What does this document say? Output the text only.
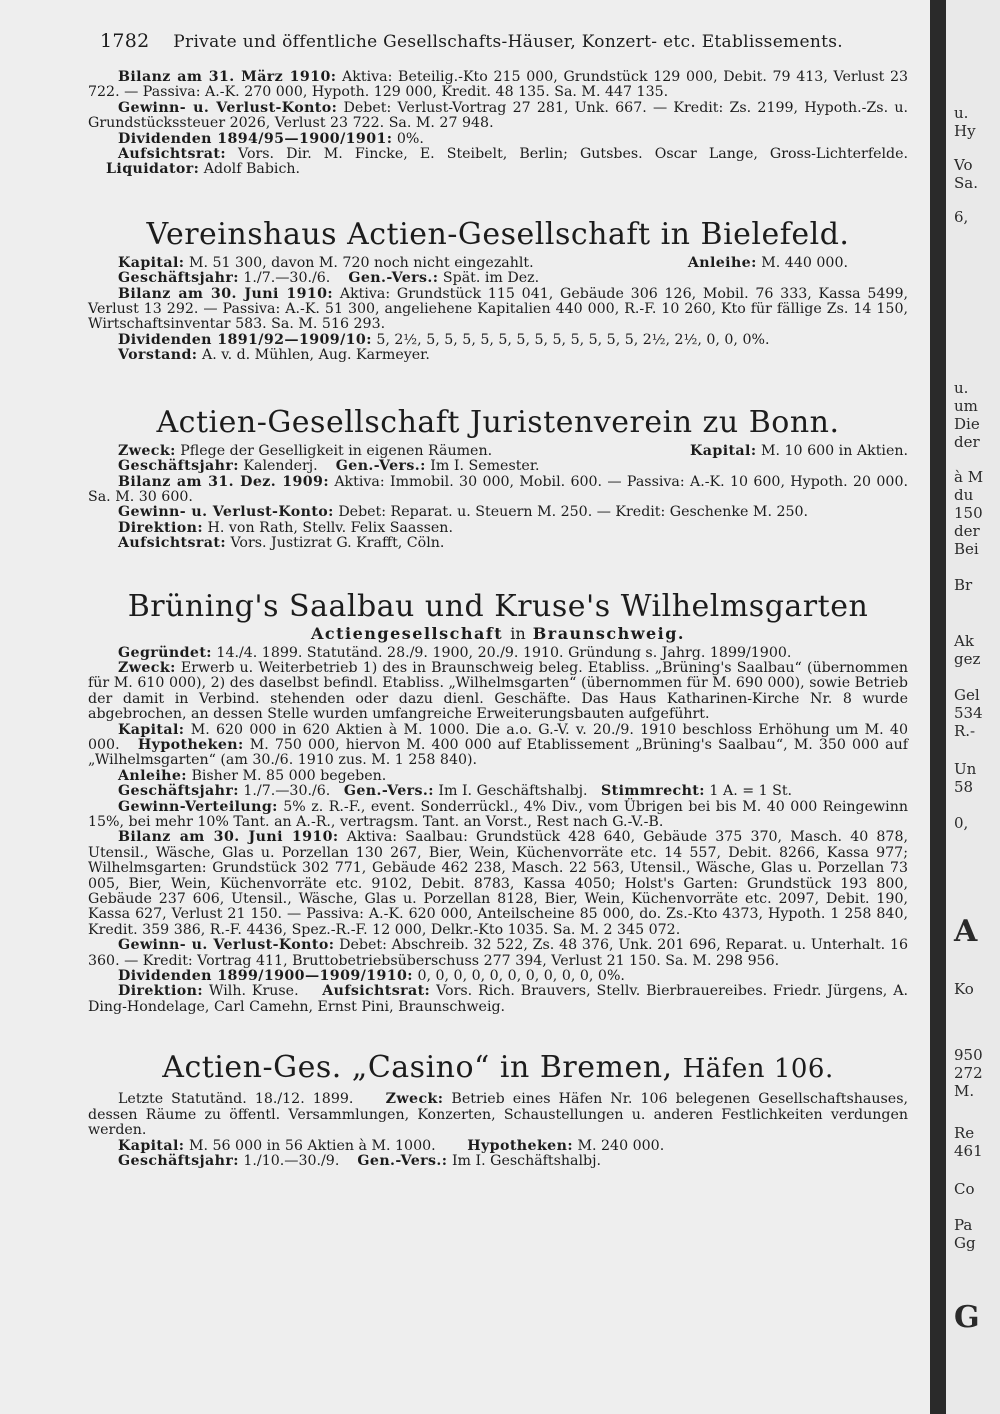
1782 Private und öffentliche Gesellschafts-Häuser, Konzert- etc. Etablissements.

Bilanz am 31. März 1910: Aktiva: Beteilig.-Kto 215 000, Grundstück 129 000, Debit. 79 413, Verlust 23 722. — Passiva: A.-K. 270 000, Hypoth. 129 000, Kredit. 48 135. Sa. M. 447 135.

Gewinn- u. Verlust-Konto: Debet: Verlust-Vortrag 27 281, Unk. 667. — Kredit: Zs. 2199, Hypoth.-Zs. u. Grundstückssteuer 2026, Verlust 23 722. Sa. M. 27 948.

Dividenden 1894/95—1900/1901: 0%.

Aufsichtsrat: Vors. Dir. M. Fincke, E. Steibelt, Berlin; Gutsbes. Oscar Lange, Gross-Lichterfelde.     Liquidator: Adolf Babich.

Vereinshaus Actien-Gesellschaft in Bielefeld.
Kapital: M. 51 300, davon M. 720 noch nicht eingezahlt.	Anleihe: M. 440 000.

Geschäftsjahr: 1./7.—30./6. Gen.-Vers.: Spät. im Dez.

Bilanz am 30. Juni 1910: Aktiva: Grundstück 115 041, Gebäude 306 126, Mobil. 76 333, Kassa 5499, Verlust 13 292. — Passiva: A.-K. 51 300, angeliehene Kapitalien 440 000, R.-F. 10 260, Kto für fällige Zs. 14 150, Wirtschaftsinventar 583. Sa. M. 516 293.

Dividenden 1891/92—1909/10: 5, 2½, 5, 5, 5, 5, 5, 5, 5, 5, 5, 5, 5, 5, 2½, 2½, 0, 0, 0%.

Vorstand: A. v. d. Mühlen, Aug. Karmeyer.

Actien-Gesellschaft Juristenverein zu Bonn.
Zweck: Pflege der Geselligkeit in eigenen Räumen.	Kapital: M. 10 600 in Aktien.

Geschäftsjahr: Kalenderj. Gen.-Vers.: Im I. Semester.

Bilanz am 31. Dez. 1909: Aktiva: Immobil. 30 000, Mobil. 600. — Passiva: A.-K. 10 600, Hypoth. 20 000. Sa. M. 30 600.

Gewinn- u. Verlust-Konto: Debet: Reparat. u. Steuern M. 250. — Kredit: Geschenke M. 250.

Direktion: H. von Rath, Stellv. Felix Saassen.

Aufsichtsrat: Vors. Justizrat G. Krafft, Cöln.

Brüning's Saalbau und Kruse's Wilhelmsgarten
Actiengesellschaft in Braunschweig.

Gegründet: 14./4. 1899. Statutänd. 28./9. 1900, 20./9. 1910. Gründung s. Jahrg. 1899/1900.

Zweck: Erwerb u. Weiterbetrieb 1) des in Braunschweig beleg. Etabliss. „Brüning's Saalbau“ (übernommen für M. 610 000), 2) des daselbst befindl. Etabliss. „Wilhelmsgarten“ (übernommen für M. 690 000), sowie Betrieb der damit in Verbind. stehenden oder dazu dienl. Geschäfte. Das Haus Katharinen-Kirche Nr. 8 wurde abgebrochen, an dessen Stelle wurden umfangreiche Erweiterungsbauten aufgeführt.

Kapital: M. 620 000 in 620 Aktien à M. 1000. Die a.o. G.-V. v. 20./9. 1910 beschloss Erhöhung um M. 40 000. Hypotheken: M. 750 000, hiervon M. 400 000 auf Etablissement „Brüning's Saalbau“, M. 350 000 auf „Wilhelmsgarten“ (am 30./6. 1910 zus. M. 1 258 840).

Anleihe: Bisher M. 85 000 begeben.

Geschäftsjahr: 1./7.—30./6. Gen.-Vers.: Im I. Geschäftshalbj. Stimmrecht: 1 A. = 1 St.

Gewinn-Verteilung: 5% z. R.-F., event. Sonderrückl., 4% Div., vom Übrigen bei bis M. 40 000 Reingewinn 15%, bei mehr 10% Tant. an A.-R., vertragsm. Tant. an Vorst., Rest nach G.-V.-B.

Bilanz am 30. Juni 1910: Aktiva: Saalbau: Grundstück 428 640, Gebäude 375 370, Masch. 40 878, Utensil., Wäsche, Glas u. Porzellan 130 267, Bier, Wein, Küchenvorräte etc. 14 557, Debit. 8266, Kassa 977; Wilhelmsgarten: Grundstück 302 771, Gebäude 462 238, Masch. 22 563, Utensil., Wäsche, Glas u. Porzellan 73 005, Bier, Wein, Küchenvorräte etc. 9102, Debit. 8783, Kassa 4050; Holst's Garten: Grundstück 193 800, Gebäude 237 606, Utensil., Wäsche, Glas u. Porzellan 8128, Bier, Wein, Küchenvorräte etc. 2097, Debit. 190, Kassa 627, Verlust 21 150. — Passiva: A.-K. 620 000, Anteilscheine 85 000, do. Zs.-Kto 4373, Hypoth. 1 258 840, Kredit. 359 386, R.-F. 4436, Spez.-R.-F. 12 000, Delkr.-Kto 1035. Sa. M. 2 345 072.

Gewinn- u. Verlust-Konto: Debet: Abschreib. 32 522, Zs. 48 376, Unk. 201 696, Reparat. u. Unterhalt. 16 360. — Kredit: Vortrag 411, Bruttobetriebsüberschuss 277 394, Verlust 21 150. Sa. M. 298 956.

Dividenden 1899/1900—1909/1910: 0, 0, 0, 0, 0, 0, 0, 0, 0, 0, 0%.

Direktion: Wilh. Kruse. Aufsichtsrat: Vors. Rich. Brauvers, Stellv. Bierbrauereibes. Friedr. Jürgens, A. Ding-Hondelage, Carl Camehn, Ernst Pini, Braunschweig.

Actien-Ges. „Casino“ in Bremen, Häfen 106.

Letzte Statutänd. 18./12. 1899. Zweck: Betrieb eines Häfen Nr. 106 belegenen Gesellschaftshauses, dessen Räume zu öffentl. Versammlungen, Konzerten, Schaustellungen u. anderen Festlichkeiten verdungen werden.

Kapital: M. 56 000 in 56 Aktien à M. 1000. Hypotheken: M. 240 000.

Geschäftsjahr: 1./10.—30./9. Gen.-Vers.: Im I. Geschäftshalbj.

u.
Hy
Vo
Sa.
6,
u.
um
Die
der
à M
du
150
der
Bei
Br
Ak
gez
Gel
534
R.-
Un
58
0,
A
Ko
950
272
M.
Re
461
Co
Pa
Gg
G
